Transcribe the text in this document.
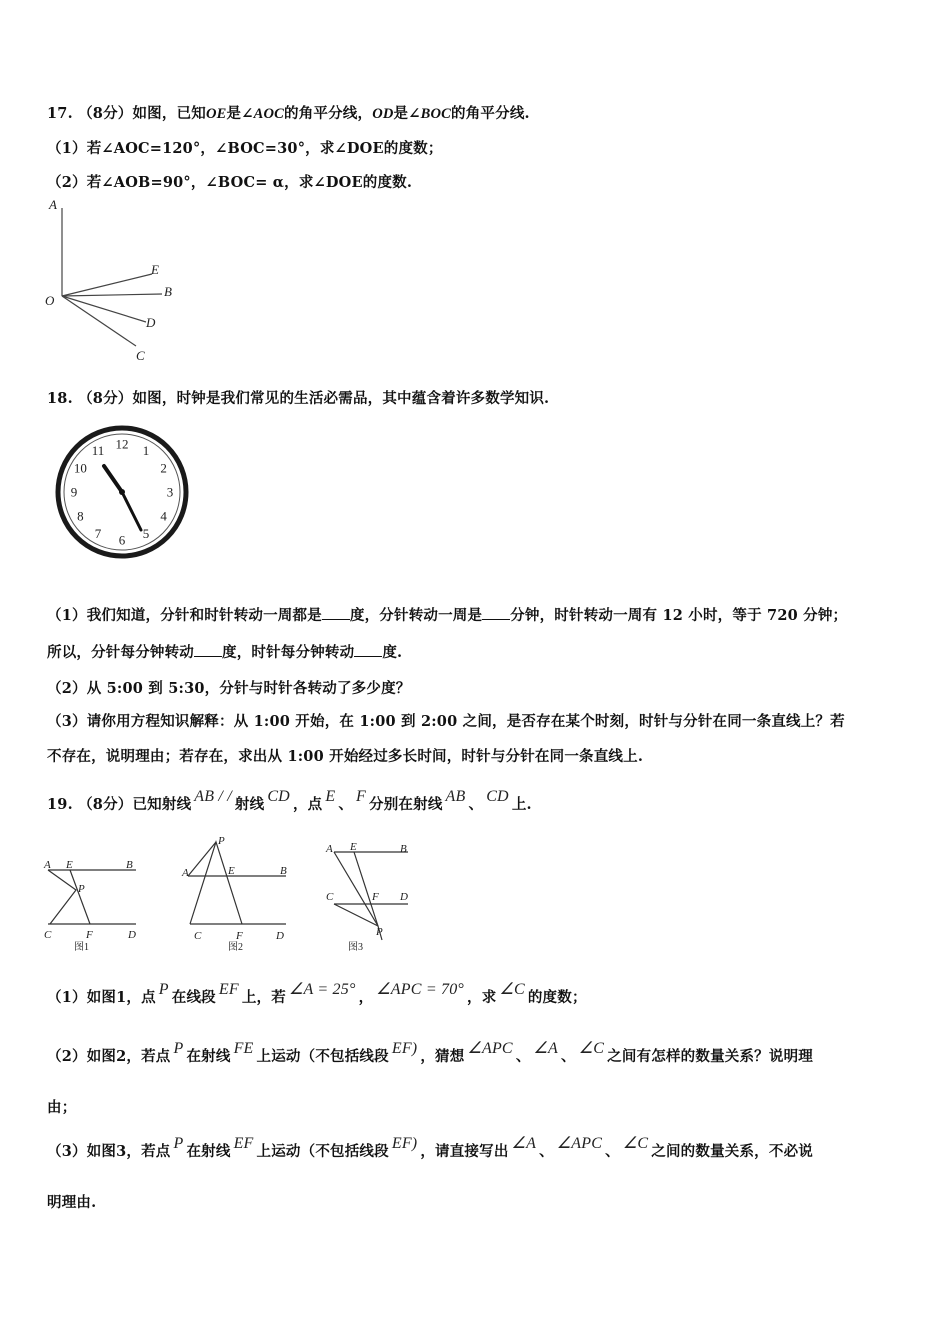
17. （8分）如图，已知OE是∠AOC的角平分线，OD是∠BOC的角平分线.
（1）若∠AOC=120°，∠BOC=30°，求∠DOE的度数；
（2）若∠AOB=90°，∠BOC= α，求∠DOE的度数.
A
E
B
O
D
C
18. （8分）如图，时钟是我们常见的生活必需品，其中蕴含着许多数学知识.
12 1
2
3
4
5
6
7
8
9
10
11
（1）我们知道，分针和时针转动一周都是 度，分针转动一周是 分钟，时针转动一周有 12 小时，等于 720 分钟；
所以，分针每分钟转动 度，时针每分钟转动 度.
（2）从 5:00 到 5:30，分针与时针各转动了多少度？
（3）请你用方程知识解释：从 1:00 开始，在 1:00 到 2:00 之间，是否存在某个时刻，时针与分针在同一条直线上？若
不存在，说明理由；若存在，求出从 1:00 开始经过多长时间，时针与分针在同一条直线上.
19. （8分）已知射线 AB / / 射线 CD ，点 E 、 F 分别在射线 AB 、 CD 上.
A E	B
P
C	F	D
图1
P
A	E	B
C	F	D
图2
A E	B
C	F D
P
图3
（1）如图1，点 P 在线段 EF 上，若 ∠A = 25° ， ∠APC = 70° ，求 ∠C 的度数；
（2）如图2，若点 P 在射线 FE 上运动（不包括线段 EF) ，猜想 ∠APC 、 ∠A 、 ∠C 之间有怎样的数量关系？说明理
由；
（3）如图3，若点 P 在射线 EF 上运动（不包括线段 EF) ，请直接写出 ∠A 、 ∠APC 、 ∠C 之间的数量关系，不必说
明理由.
